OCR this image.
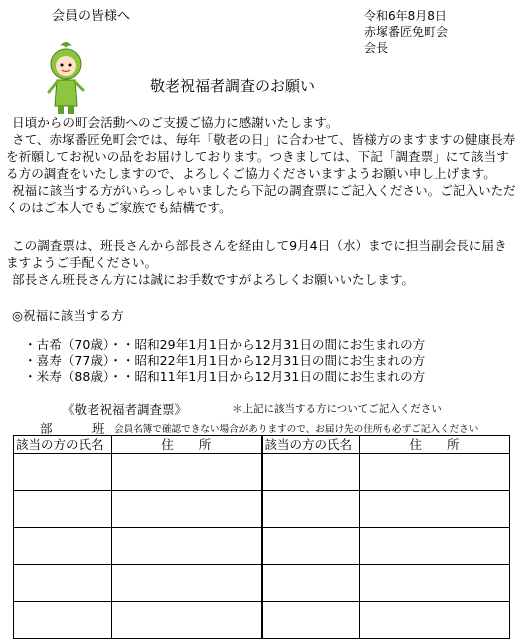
会員の皆様へ	令和6年8月8日
赤塚番匠免町会
会長
敬老祝福者調査のお願い

日頃からの町会活動へのご支援ご協力に感謝いたします。

さて、赤塚番匠免町会では、毎年「敬老の日」に合わせて、皆様方のますますの健康長寿を祈願してお祝いの品をお届けしております。つきましては、下記「調査票」にて該当する方の調査をいたしますので、よろしくご協力くださいますようお願い申し上げます。

祝福に該当する方がいらっしゃいましたら下記の調査票にご記入ください。ご記入いただくのはご本人でもご家族でも結構です。

この調査票は、班長さんから部長さんを経由して9月4日（水）までに担当副会長に届きますようご手配ください。

部長さん班長さん方には誠にお手数ですがよろしくお願いいたします。

◎祝福に該当する方
・古希（70歳）・・昭和29年1月1日から12月31日の間にお生まれの方
・喜寿（77歳）・・昭和22年1月1日から12月31日の間にお生まれの方
・米寿（88歳）・・昭和11年1月1日から12月31日の間にお生まれの方
《敬老祝福者調査票》	＊上記に該当する方についてご記入ください
部	班 会員名簿で確認できない場合がありますので、お届け先の住所も必ずご記入ください
該当の方の氏名	住　　所	該当の方の氏名	住　　所
